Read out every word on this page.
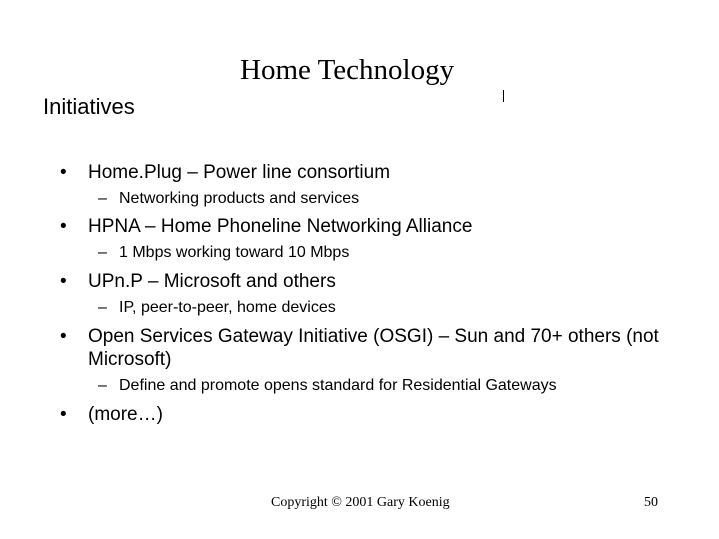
Home Technology
Initiatives
• Home.Plug – Power line consortium
– Networking products and services
• HPNA – Home Phoneline Networking Alliance
– 1 Mbps working toward 10 Mbps
• UPn.P – Microsoft and others
– IP, peer-to-peer, home devices
• Open Services Gateway Initiative (OSGI) – Sun and 70+ others (not Microsoft)
– Define and promote opens standard for Residential Gateways
• (more…)
Copyright © 2001 Gary Koenig	50
